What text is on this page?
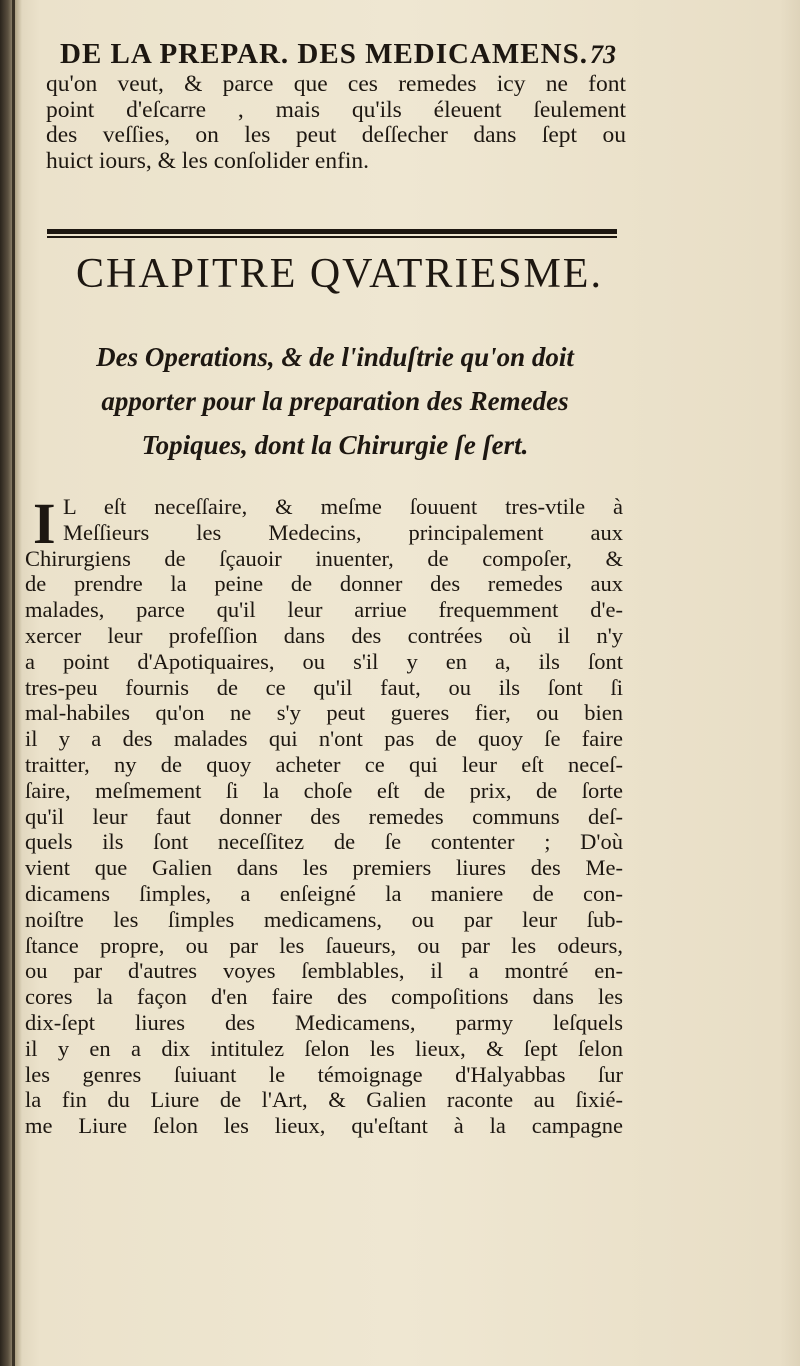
DE LA PREPAR. DES MEDICAMENS. 73
qu'on veut, & parce que ces remedes icy ne font
point d'eſcarre , mais qu'ils éleuent ſeulement
des veſſies, on les peut deſſecher dans ſept ou
huict iours, & les conſolider enfin.
CHAPITRE QVATRIESME.
Des Operations, & de l'induſtrie qu'on doit
apporter pour la preparation des Remedes
Topiques, dont la Chirurgie ſe ſert.
I L eſt neceſſaire, & meſme ſouuent tres-vtile à
Meſſieurs les Medecins, principalement aux
Chirurgiens de ſçauoir inuenter, de compoſer, &
de prendre la peine de donner des remedes aux
malades, parce qu'il leur arriue frequemment d'e-
xercer leur profeſſion dans des contrées où il n'y
a point d'Apotiquaires, ou s'il y en a, ils ſont
tres-peu fournis de ce qu'il faut, ou ils ſont ſi
mal-habiles qu'on ne s'y peut gueres fier, ou bien
il y a des malades qui n'ont pas de quoy ſe faire
traitter, ny de quoy acheter ce qui leur eſt neceſ-
ſaire, meſmement ſi la choſe eſt de prix, de ſorte
qu'il leur faut donner des remedes communs deſ-
quels ils ſont neceſſitez de ſe contenter ; D'où
vient que Galien dans les premiers liures des Me-
dicamens ſimples, a enſeigné la maniere de con-
noiſtre les ſimples medicamens, ou par leur ſub-
ſtance propre, ou par les ſaueurs, ou par les odeurs,
ou par d'autres voyes ſemblables, il a montré en-
cores la façon d'en faire des compoſitions dans les
dix-ſept liures des Medicamens, parmy leſquels
il y en a dix intitulez ſelon les lieux, & ſept ſelon
les genres ſuiuant le témoignage d'Halyabbas ſur
la fin du Liure de l'Art, & Galien raconte au ſixié-
me Liure ſelon les lieux, qu'eſtant à la campagne
